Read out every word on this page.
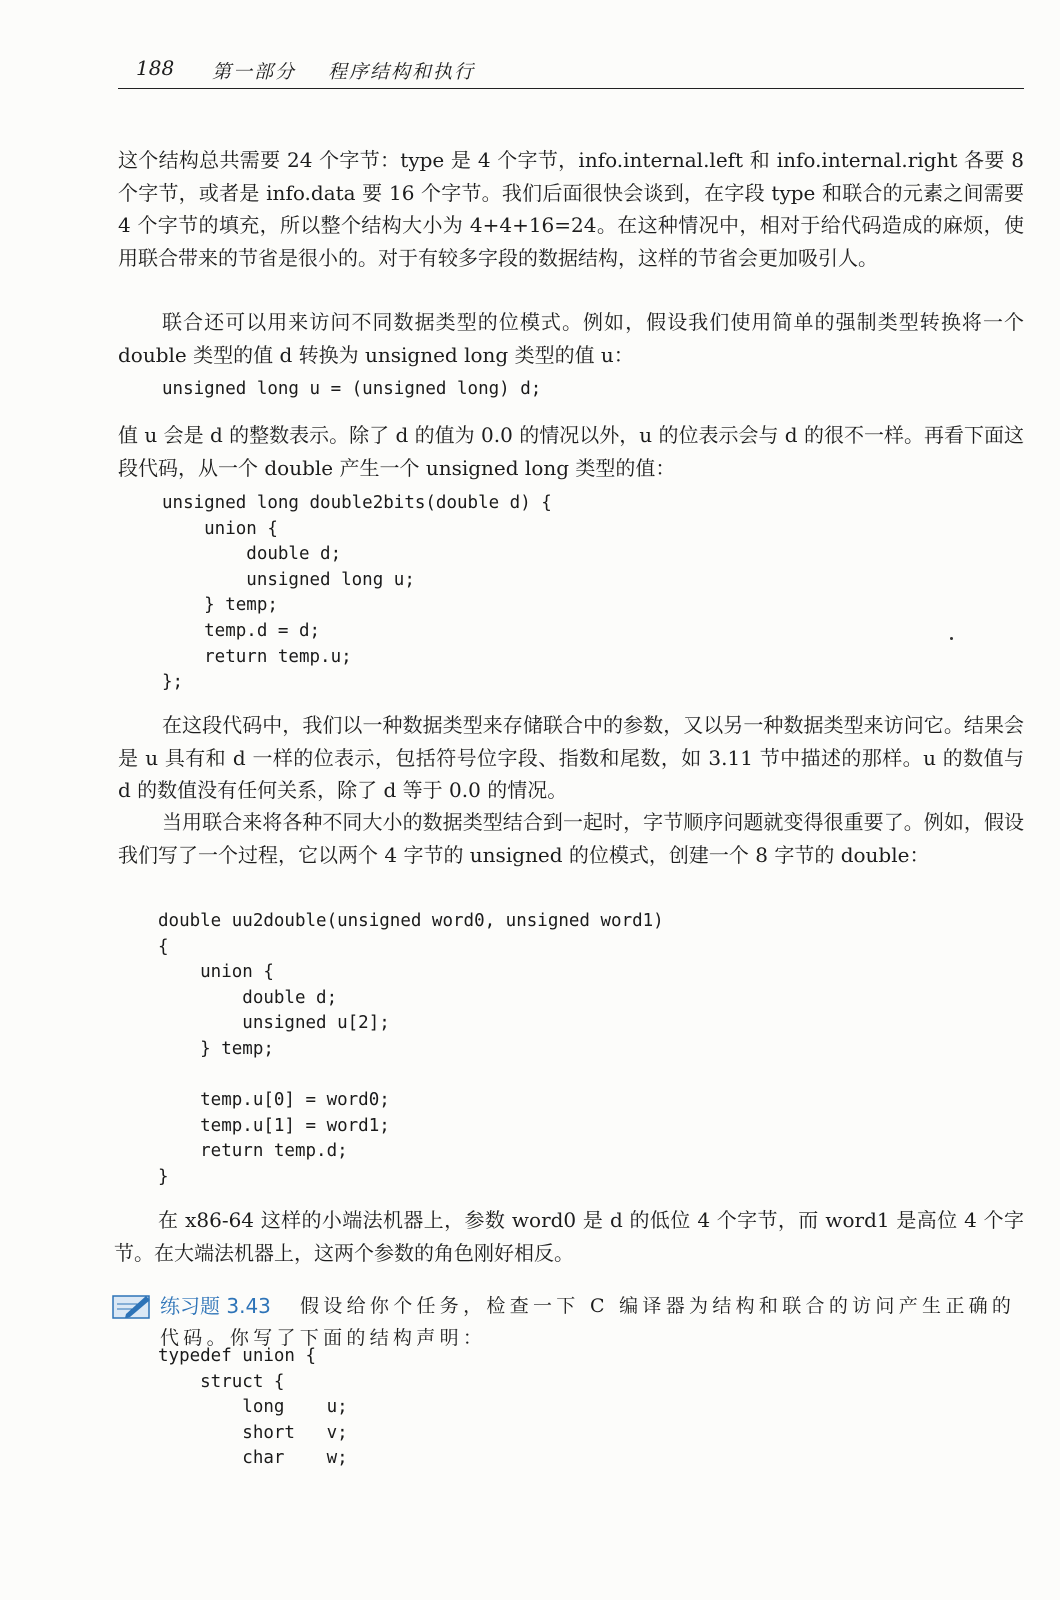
188 第一部分 程序结构和执行

这个结构总共需要 24 个字节：type 是 4 个字节，info.internal.left 和 info.internal.right 各要 8 个字节，或者是 info.data 要 16 个字节。我们后面很快会谈到，在字段 type 和联合的元素之间需要 4 个字节的填充，所以整个结构大小为 4+4+16=24。在这种情况中，相对于给代码造成的麻烦，使用联合带来的节省是很小的。对于有较多字段的数据结构，这样的节省会更加吸引人。

联合还可以用来访问不同数据类型的位模式。例如，假设我们使用简单的强制类型转换将一个 double 类型的值 d 转换为 unsigned long 类型的值 u：

unsigned long u = (unsigned long) d;

值 u 会是 d 的整数表示。除了 d 的值为 0.0 的情况以外，u 的位表示会与 d 的很不一样。再看下面这段代码，从一个 double 产生一个 unsigned long 类型的值：

unsigned long double2bits(double d) {
union {
double d;
unsigned long u;
} temp;
temp.d = d;
return temp.u;
};

在这段代码中，我们以一种数据类型来存储联合中的参数，又以另一种数据类型来访问它。结果会是 u 具有和 d 一样的位表示，包括符号位字段、指数和尾数，如 3.11 节中描述的那样。u 的数值与 d 的数值没有任何关系，除了 d 等于 0.0 的情况。

当用联合来将各种不同大小的数据类型结合到一起时，字节顺序问题就变得很重要了。例如，假设我们写了一个过程，它以两个 4 字节的 unsigned 的位模式，创建一个 8 字节的 double：

double uu2double(unsigned word0, unsigned word1)
{
union {
double d;
unsigned u[2];
} temp;

temp.u[0] = word0;
temp.u[1] = word1;
return temp.d;
}

在 x86-64 这样的小端法机器上，参数 word0 是 d 的低位 4 个字节，而 word1 是高位 4 个字节。在大端法机器上，这两个参数的角色刚好相反。

练习题 3.43 假设给你个任务，检查一下 C 编译器为结构和联合的访问产生正确的
代码。你写了下面的结构声明：
typedef union {
struct {
long    u;
short   v;
char    w;
